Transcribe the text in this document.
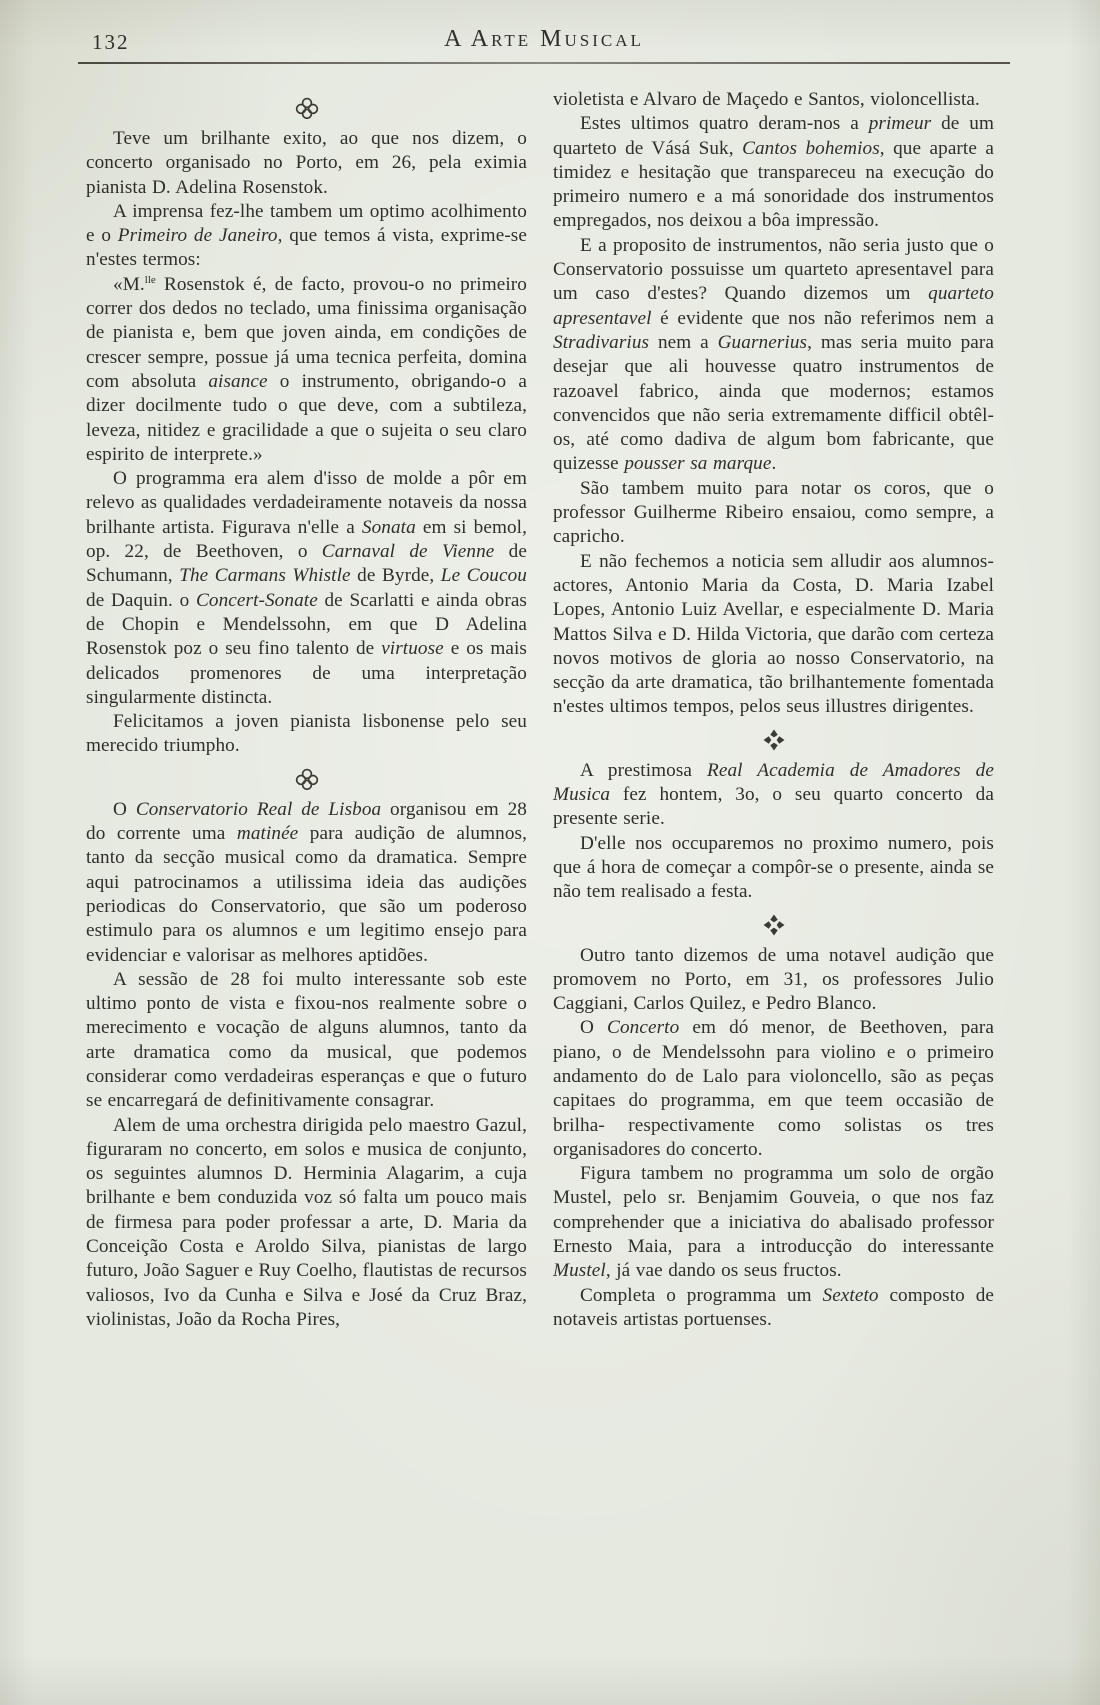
132	A Arte Musical

Teve um brilhante exito, ao que nos dizem, o concerto organisado no Porto, em 26, pela eximia pianista D. Adelina Rosenstok.

A imprensa fez-lhe tambem um optimo acolhimento e o Primeiro de Janeiro, que temos á vista, exprime-se n'estes termos:

«M.$^{lle}$ Rosenstok é, de facto, provou-o no primeiro correr dos dedos no teclado, uma finissima organisação de pianista e, bem que joven ainda, em condições de crescer sempre, possue já uma tecnica perfeita, domina com absoluta aisance o instrumento, obrigando-o a dizer docilmente tudo o que deve, com a subtileza, leveza, nitidez e gracilidade a que o sujeita o seu claro espirito de interprete.»

O programma era alem d'isso de molde a pôr em relevo as qualidades verdadeiramente notaveis da nossa brilhante artista. Figurava n'elle a Sonata em si bemol, op. 22, de Beethoven, o Carnaval de Vienne de Schumann, The Carmans Whistle de Byrde, Le Coucou de Daquin. o Concert-Sonate de Scarlatti e ainda obras de Chopin e Mendelssohn, em que D Adelina Rosenstok poz o seu fino talento de virtuose e os mais delicados promenores de uma interpretação singularmente distincta.

Felicitamos a joven pianista lisbonense pelo seu merecido triumpho.

O Conservatorio Real de Lisboa organisou em 28 do corrente uma matinée para audição de alumnos, tanto da secção musical como da dramatica. Sempre aqui patrocinamos a utilissima ideia das audições periodicas do Conservatorio, que são um poderoso estimulo para os alumnos e um legitimo ensejo para evidenciar e valorisar as melhores aptidões.

A sessão de 28 foi multo interessante sob este ultimo ponto de vista e fixou-nos realmente sobre o merecimento e vocação de alguns alumnos, tanto da arte dramatica como da musical, que podemos considerar como verdadeiras esperanças e que o futuro se encarregará de definitivamente consagrar.

Alem de uma orchestra dirigida pelo maestro Gazul, figuraram no concerto, em solos e musica de conjunto, os seguintes alumnos D. Herminia Alagarim, a cuja brilhante e bem conduzida voz só falta um pouco mais de firmesa para poder professar a arte, D. Maria da Conceição Costa e Aroldo Silva, pianistas de largo futuro, João Saguer e Ruy Coelho, flautistas de recursos valiosos, Ivo da Cunha e Silva e José da Cruz Braz, violinistas, João da Rocha Pires,

violetista e Alvaro de Maçedo e Santos, violoncellista.

Estes ultimos quatro deram-nos a primeur de um quarteto de Vásá Suk, Cantos bohemios, que aparte a timidez e hesitação que transpareceu na execução do primeiro numero e a má sonoridade dos instrumentos empregados, nos deixou a bôa impressão.

E a proposito de instrumentos, não seria justo que o Conservatorio possuisse um quarteto apresentavel para um caso d'estes? Quando dizemos um quarteto apresentavel é evidente que nos não referimos nem a Stradivarius nem a Guarnerius, mas seria muito para desejar que ali houvesse quatro instrumentos de razoavel fabrico, ainda que modernos; estamos convencidos que não seria extremamente difficil obtêl-os, até como dadiva de algum bom fabricante, que quizesse pousser sa marque.

São tambem muito para notar os coros, que o professor Guilherme Ribeiro ensaiou, como sempre, a capricho.

E não fechemos a noticia sem alludir aos alumnos-actores, Antonio Maria da Costa, D. Maria Izabel Lopes, Antonio Luiz Avellar, e especialmente D. Maria Mattos Silva e D. Hilda Victoria, que darão com certeza novos motivos de gloria ao nosso Conservatorio, na secção da arte dramatica, tão brilhantemente fomentada n'estes ultimos tempos, pelos seus illustres dirigentes.

A prestimosa Real Academia de Amadores de Musica fez hontem, 3o, o seu quarto concerto da presente serie.

D'elle nos occuparemos no proximo numero, pois que á hora de começar a compôr-se o presente, ainda se não tem realisado a festa.

Outro tanto dizemos de uma notavel audição que promovem no Porto, em 31, os professores Julio Caggiani, Carlos Quilez, e Pedro Blanco.

O Concerto em dó menor, de Beethoven, para piano, o de Mendelssohn para violino e o primeiro andamento do de Lalo para violoncello, são as peças capitaes do programma, em que teem occasião de brilha- respectivamente como solistas os tres organisadores do concerto.

Figura tambem no programma um solo de orgão Mustel, pelo sr. Benjamim Gouveia, o que nos faz comprehender que a iniciativa do abalisado professor Ernesto Maia, para a introducção do interessante Mustel, já vae dando os seus fructos.

Completa o programma um Sexteto composto de notaveis artistas portuenses.
